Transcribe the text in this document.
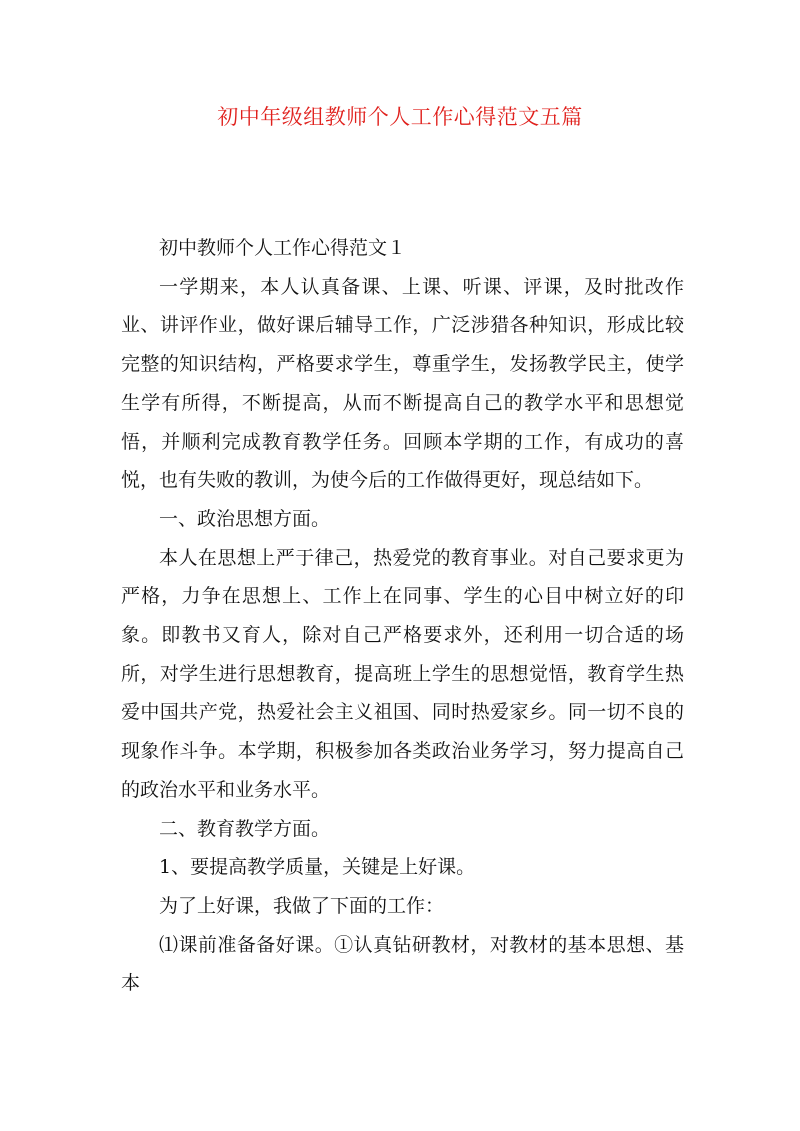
初中年级组教师个人工作心得范文五篇

初中教师个人工作心得范文１

一学期来，本人认真备课、上课、听课、评课，及时批改作业、讲评作业，做好课后辅导工作，广泛涉猎各种知识，形成比较完整的知识结构，严格要求学生，尊重学生，发扬教学民主，使学生学有所得，不断提高，从而不断提高自己的教学水平和思想觉悟，并顺利完成教育教学任务。回顾本学期的工作，有成功的喜悦，也有失败的教训，为使今后的工作做得更好，现总结如下。

一、政治思想方面。

本人在思想上严于律己，热爱党的教育事业。对自己要求更为严格，力争在思想上、工作上在同事、学生的心目中树立好的印象。即教书又育人，除对自己严格要求外，还利用一切合适的场所，对学生进行思想教育，提高班上学生的思想觉悟，教育学生热爱中国共产党，热爱社会主义祖国、同时热爱家乡。同一切不良的现象作斗争。本学期，积极参加各类政治业务学习，努力提高自己的政治水平和业务水平。

二、教育教学方面。

1、要提高教学质量，关键是上好课。

为了上好课，我做了下面的工作：

⑴课前准备备好课。①认真钻研教材，对教材的基本思想、基本
